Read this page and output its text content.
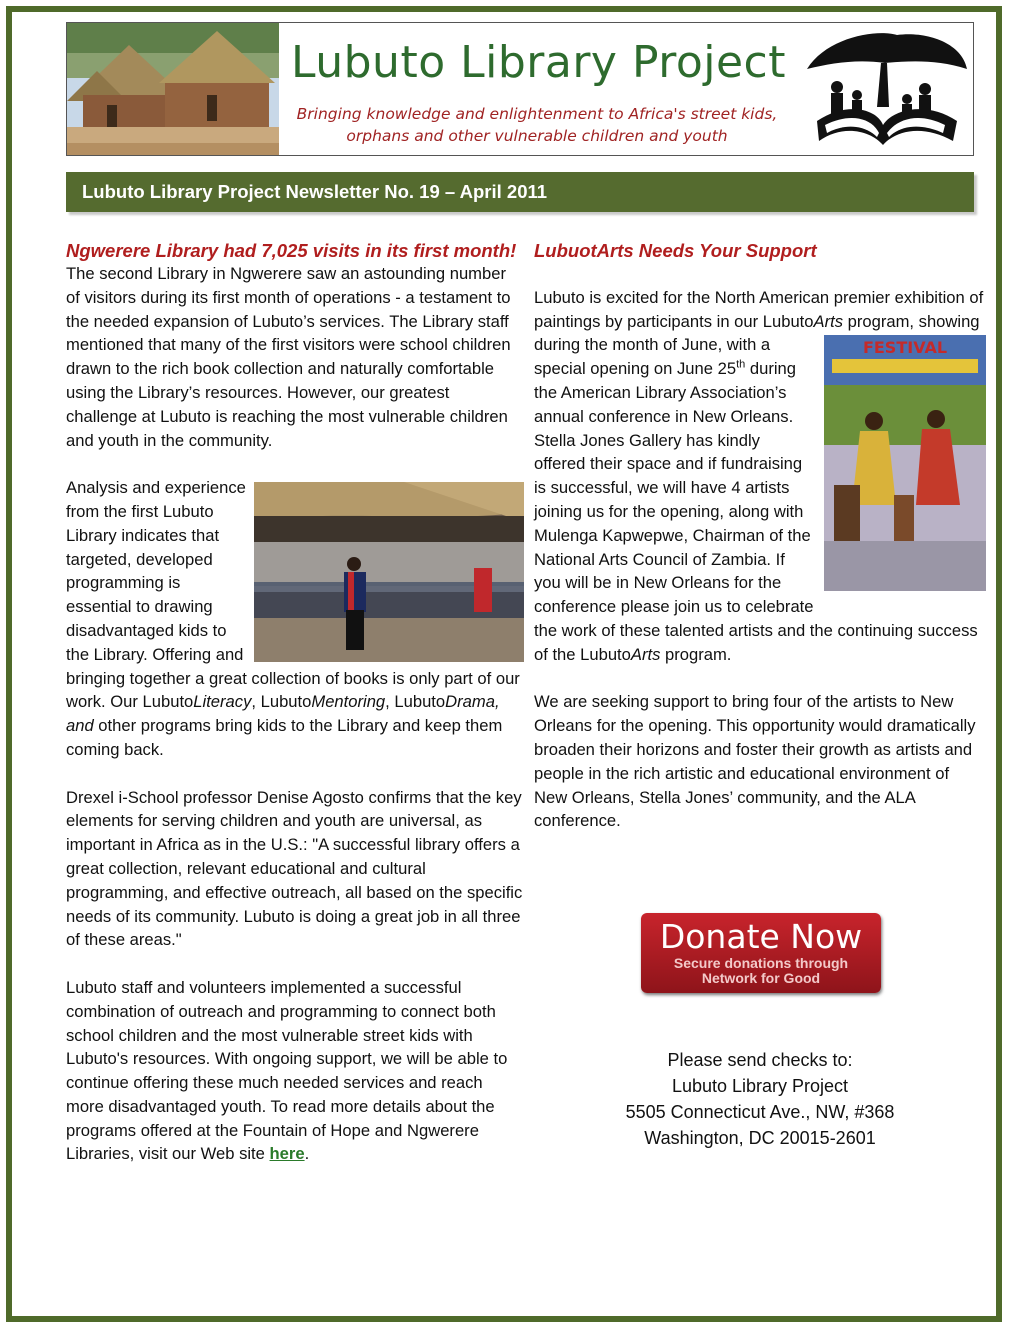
Lubuto Library Project
Bringing knowledge and enlightenment to Africa's street kids,
orphans and other vulnerable children and youth
Lubuto Library Project Newsletter No. 19 – April 2011

Ngwerere Library had 7,025 visits in its first month!

The second Library in Ngwerere saw an astounding number of visitors during its first month of operations - a testament to the needed expansion of Lubuto’s services. The Library staff mentioned that many of the first visitors were school children drawn to the rich book collection and naturally comfortable using the Library’s resources. However, our greatest challenge at Lubuto is reaching the most vulnerable children and youth in the community.

Analysis and experience from the first Lubuto Library indicates that targeted, developed programming is essential to drawing disadvantaged kids to the Library. Offering and bringing together a great collection of books is only part of our work. Our LubutoLiteracy, LubutoMentoring, LubutoDrama, and other programs bring kids to the Library and keep them coming back.

Drexel i-School professor Denise Agosto confirms that the key elements for serving children and youth are universal, as important in Africa as in the U.S.: "A successful library offers a great collection, relevant educational and cultural programming, and effective outreach, all based on the specific needs of its community. Lubuto is doing a great job in all three of these areas."

Lubuto staff and volunteers implemented a successful combination of outreach and programming to connect both school children and the most vulnerable street kids with Lubuto's resources. With ongoing support, we will be able to continue offering these much needed services and reach more disadvantaged youth. To read more details about the programs offered at the Fountain of Hope and Ngwerere Libraries, visit our Web site here.

LubuotArts Needs Your Support

Lubuto is excited for the North American premier exhibition of paintings by participants in our LubutoArts
FESTIVAL
program, showing during the month of June, with a special opening on June 25th during the American Library Association’s annual conference in New Orleans. Stella Jones Gallery has kindly offered their space and if fundraising is successful, we will have 4 artists joining us for the opening, along with Mulenga Kapwepwe, Chairman of the National Arts Council of Zambia. If you will be in New Orleans for the conference please join us to celebrate the work of these talented artists and the continuing success of the LubutoArts program.

We are seeking support to bring four of the artists to New Orleans for the opening. This opportunity would dramatically broaden their horizons and foster their growth as artists and people in the rich artistic and educational environment of New Orleans, Stella Jones’ community, and the ALA conference.

Donate Now
Secure donations through
Network for Good
Please send checks to:
Lubuto Library Project
5505 Connecticut Ave., NW, #368
Washington, DC 20015-2601
